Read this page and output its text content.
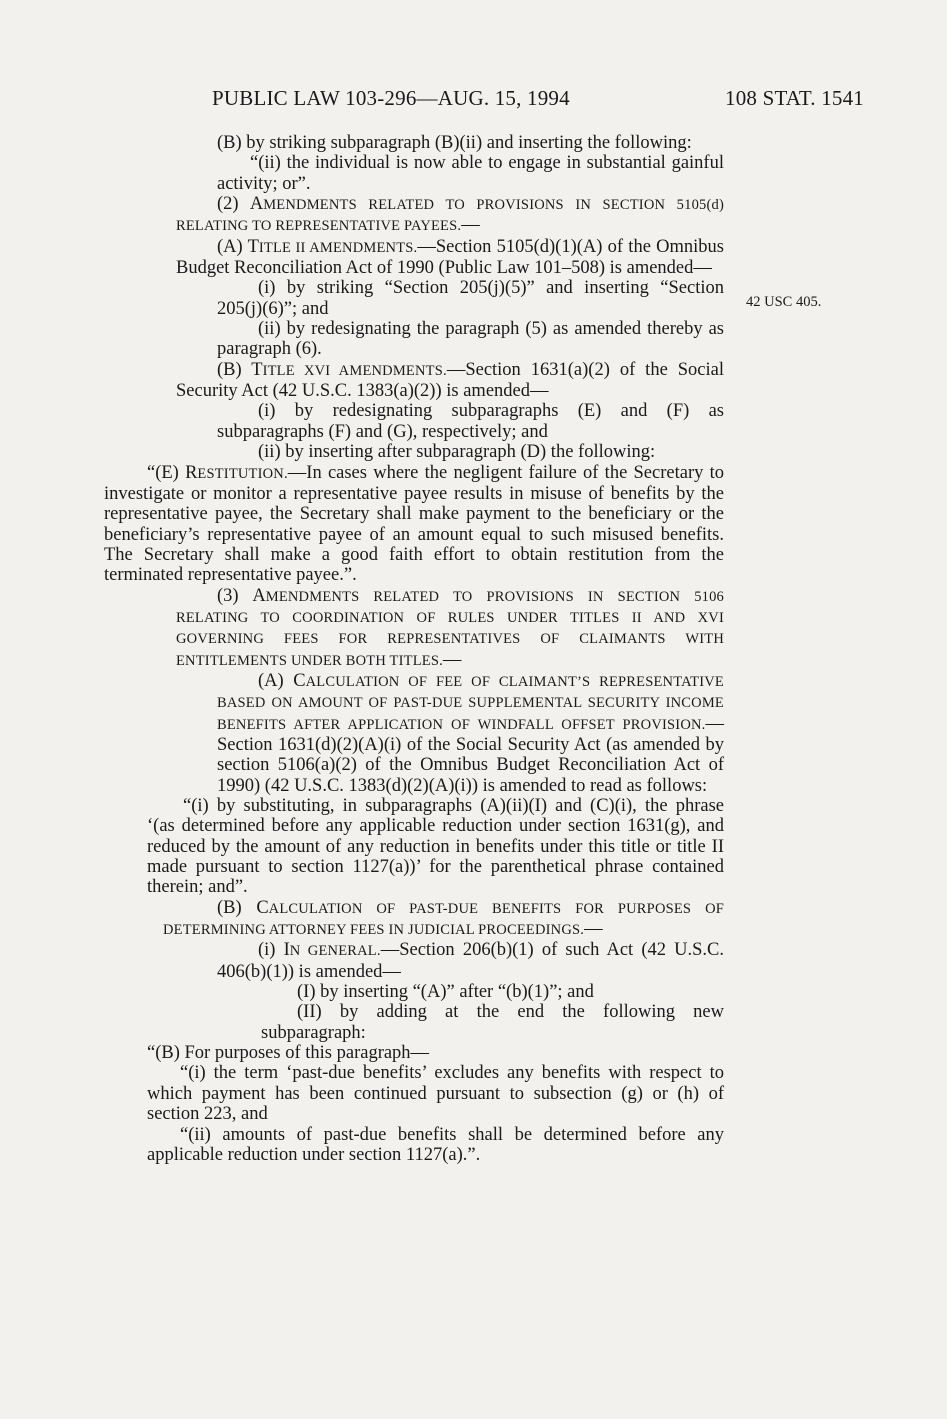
PUBLIC LAW 103-296—AUG. 15, 1994	108 STAT. 1541
42 USC 405.

(B) by striking subparagraph (B)(ii) and inserting the following:

“(ii) the individual is now able to engage in substantial gainful activity; or”.

(2) AMENDMENTS RELATED TO PROVISIONS IN SECTION 5105(d) RELATING TO REPRESENTATIVE PAYEES.—

(A) TITLE II AMENDMENTS.—Section 5105(d)(1)(A) of the Omnibus Budget Reconciliation Act of 1990 (Public Law 101–508) is amended—

(i) by striking “Section 205(j)(5)” and inserting “Section 205(j)(6)”; and

(ii) by redesignating the paragraph (5) as amended thereby as paragraph (6).

(B) TITLE XVI AMENDMENTS.—Section 1631(a)(2) of the Social Security Act (42 U.S.C. 1383(a)(2)) is amended—

(i) by redesignating subparagraphs (E) and (F) as subparagraphs (F) and (G), respectively; and

(ii) by inserting after subparagraph (D) the following:

“(E) RESTITUTION.—In cases where the negligent failure of the Secretary to investigate or monitor a representative payee results in misuse of benefits by the representative payee, the Secretary shall make payment to the beneficiary or the beneficiary’s representative payee of an amount equal to such misused benefits. The Secretary shall make a good faith effort to obtain restitution from the terminated representative payee.”.

(3) AMENDMENTS RELATED TO PROVISIONS IN SECTION 5106 RELATING TO COORDINATION OF RULES UNDER TITLES II AND XVI GOVERNING FEES FOR REPRESENTATIVES OF CLAIMANTS WITH ENTITLEMENTS UNDER BOTH TITLES.—

(A) CALCULATION OF FEE OF CLAIMANT’S REPRESENTATIVE BASED ON AMOUNT OF PAST-DUE SUPPLEMENTAL SECURITY INCOME BENEFITS AFTER APPLICATION OF WINDFALL OFFSET PROVISION.—Section 1631(d)(2)(A)(i) of the Social Security Act (as amended by section 5106(a)(2) of the Omnibus Budget Reconciliation Act of 1990) (42 U.S.C. 1383(d)(2)(A)(i)) is amended to read as follows:

“(i) by substituting, in subparagraphs (A)(ii)(I) and (C)(i), the phrase ‘(as determined before any applicable reduction under section 1631(g), and reduced by the amount of any reduction in benefits under this title or title II made pursuant to section 1127(a))’ for the parenthetical phrase contained therein; and”.

(B) CALCULATION OF PAST-DUE BENEFITS FOR PURPOSES OF DETERMINING ATTORNEY FEES IN JUDICIAL PROCEEDINGS.—

(i) IN GENERAL.—Section 206(b)(1) of such Act (42 U.S.C. 406(b)(1)) is amended—

(I) by inserting “(A)” after “(b)(1)”; and

(II) by adding at the end the following new subparagraph:

“(B) For purposes of this paragraph—

“(i) the term ‘past-due benefits’ excludes any benefits with respect to which payment has been continued pursuant to subsection (g) or (h) of section 223, and

“(ii) amounts of past-due benefits shall be determined before any applicable reduction under section 1127(a).”.
